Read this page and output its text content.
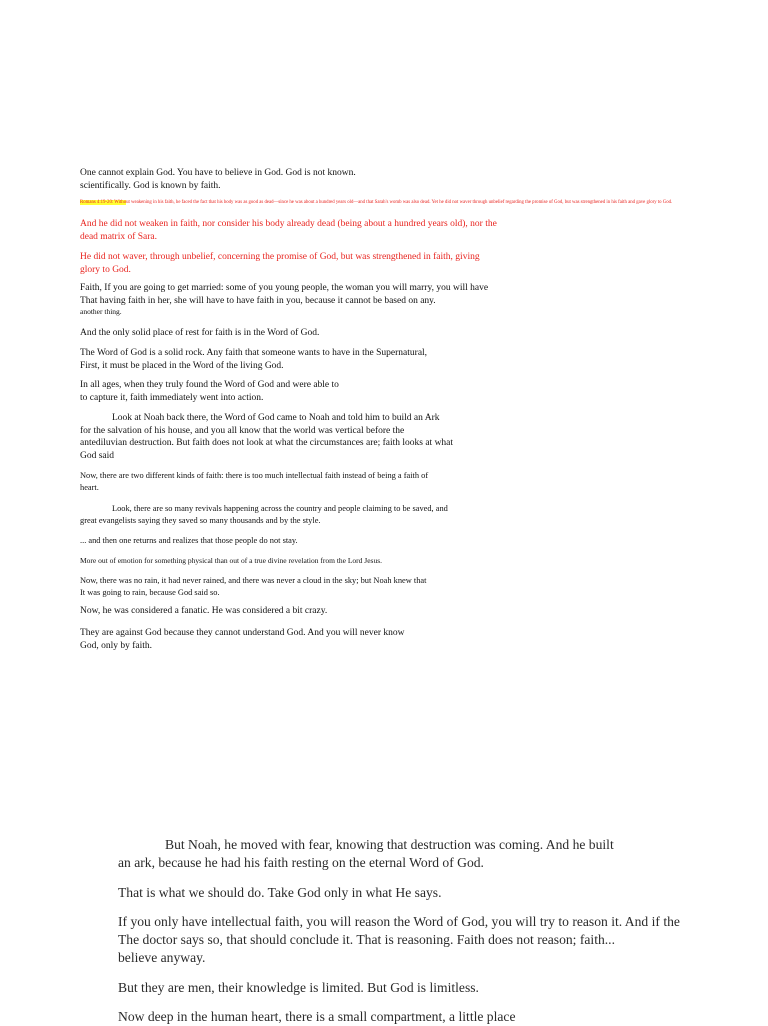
One cannot explain God. You have to believe in God. God is not known.
scientifically. God is known by faith.

Romans 4:19-20: Without weakening in his faith, he faced the fact that his body was as good as dead—since he was about a hundred years old—and that Sarah's womb was also dead. Yet he did not waver through unbelief regarding the promise of God, but was strengthened in his faith and gave glory to God.

And he did not weaken in faith, nor consider his body already dead (being about a hundred years old), nor the
dead matrix of Sara.

He did not waver, through unbelief, concerning the promise of God, but was strengthened in faith, giving
glory to God.

Faith, If you are going to get married: some of you young people, the woman you will marry, you will have
That having faith in her, she will have to have faith in you, because it cannot be based on any.
another thing.

And the only solid place of rest for faith is in the Word of God.

The Word of God is a solid rock. Any faith that someone wants to have in the Supernatural,
First, it must be placed in the Word of the living God.

In all ages, when they truly found the Word of God and were able to
to capture it, faith immediately went into action.

Look at Noah back there, the Word of God came to Noah and told him to build an Ark
for the salvation of his house, and you all know that the world was vertical before the
antediluvian destruction. But faith does not look at what the circumstances are; faith looks at what
God said

Now, there are two different kinds of faith: there is too much intellectual faith instead of being a faith of
heart.

Look, there are so many revivals happening across the country and people claiming to be saved, and
great evangelists saying they saved so many thousands and by the style.

... and then one returns and realizes that those people do not stay.

More out of emotion for something physical than out of a true divine revelation from the Lord Jesus.

Now, there was no rain, it had never rained, and there was never a cloud in the sky; but Noah knew that
It was going to rain, because God said so.

Now, he was considered a fanatic. He was considered a bit crazy.

They are against God because they cannot understand God. And you will never know
God, only by faith.

But Noah, he moved with fear, knowing that destruction was coming. And he built
an ark, because he had his faith resting on the eternal Word of God.

That is what we should do. Take God only in what He says.

If you only have intellectual faith, you will reason the Word of God, you will try to reason it. And if the
The doctor says so, that should conclude it. That is reasoning. Faith does not reason; faith...
believe anyway.

But they are men, their knowledge is limited. But God is limitless.

Now deep in the human heart, there is a small compartment, a little place
